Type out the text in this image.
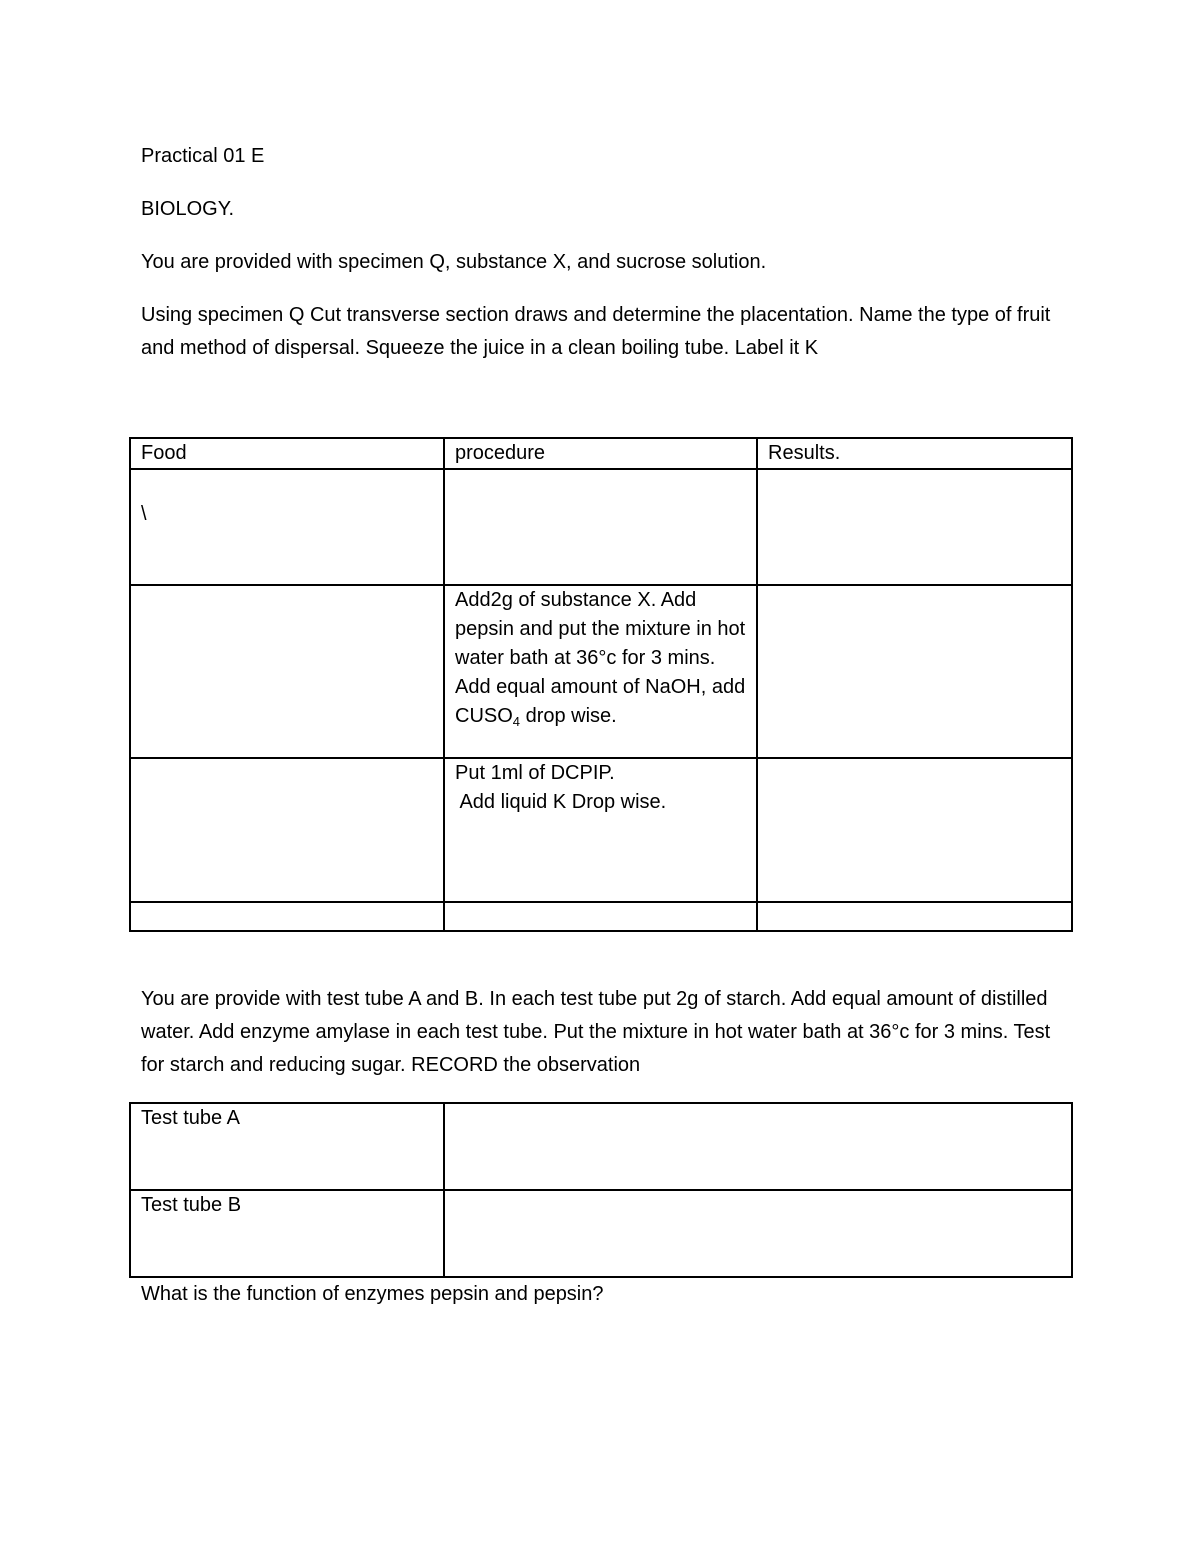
Practical 01 E

BIOLOGY.

You are provided with specimen Q, substance X, and sucrose solution.

Using specimen Q Cut transverse section draws and determine the placentation. Name the type of fruit and method of dispersal. Squeeze the juice in a clean boiling tube. Label it K

Food	procedure	Results.

\		

	Add2g of substance X. Add pepsin and put the mixture in hot water bath at 36°c for 3 mins. Add equal amount of NaOH, add $CUSO_4$ drop wise.	

	Put 1ml of DCPIP.
Add liquid K Drop wise.	

You are provide with test tube A and B. In each test tube put 2g of starch. Add equal amount of distilled water. Add enzyme amylase in each test tube. Put the mixture in hot water bath at 36°c for 3 mins. Test for starch and reducing sugar. RECORD the observation

Test tube A	
Test tube B	

What is the function of enzymes pepsin and pepsin?
